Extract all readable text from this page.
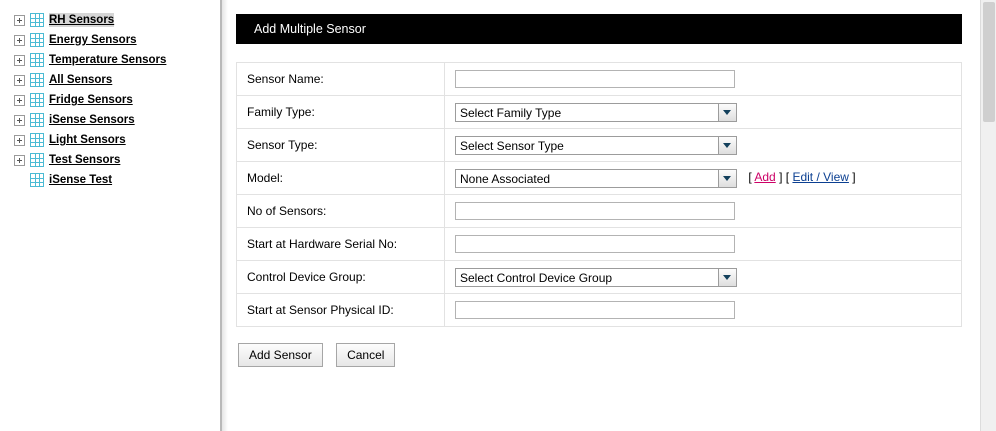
RH Sensors
Energy Sensors
Temperature Sensors
All Sensors
Fridge Sensors
iSense Sensors
Light Sensors
Test Sensors
iSense Test
Add Multiple Sensor
Sensor Name:	
Family Type:	Select Family Type

Sensor Type:	Select Sensor Type

Model:	None Associated [ Add ] [ Edit / View ]
No of Sensors:	
Start at Hardware Serial No:	
Control Device Group:	Select Control Device Group

Start at Sensor Physical ID:	
Add Sensor	Cancel
